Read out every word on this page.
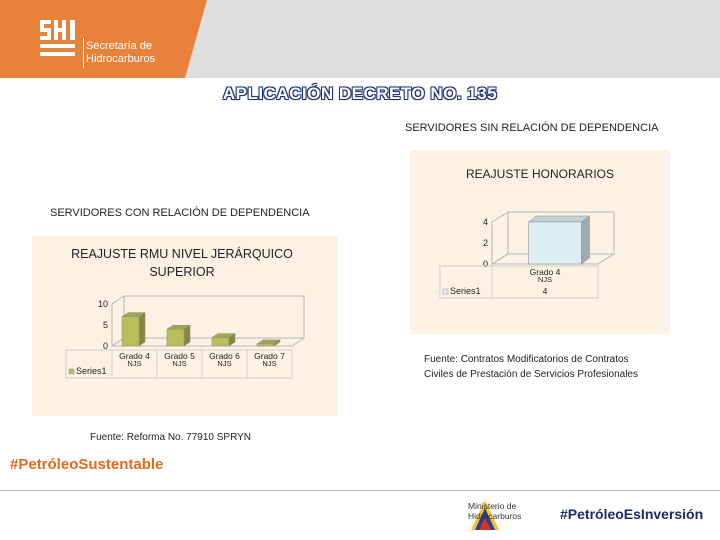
Secretaría de
Hidrocarburos
APLICACIÓN DECRETO NO. 135
SERVIDORES SIN RELACIÓN DE DEPENDENCIA
SERVIDORES CON RELACIÓN DE DEPENDENCIA
REAJUSTE RMU NIVEL JERÁRQUICO
SUPERIOR
10
5
0
Grado 4
NJS
Grado 5
NJS
Grado 6
NJS
Grado 7
NJS
Series1
REAJUSTE HONORARIOS
4
2
0
Grado 4
NJS
Series1	4
Fuente: Reforma No. 77910 SPRYN
Fuente: Contratos Modificatorios de Contratos
Civiles de Prestación de Servicios Profesionales
#PetróleoSustentable
Ministerio de
Hidrocarburos	#PetróleoEsInversión
